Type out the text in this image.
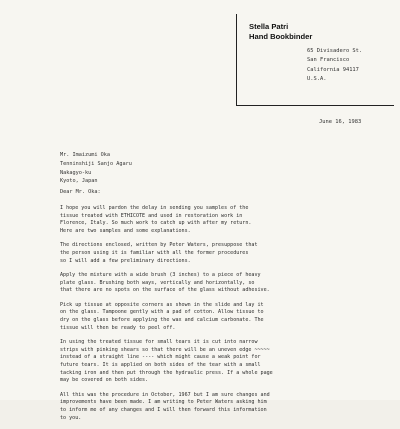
Stella Patri
Hand Bookbinder
65 Divisadero St.
San Francisco
California 94117
U.S.A.
June 16, 1983
Mr. Imaizumi Oka
Tenninshiji Sanjo Agaru
Nakagyo-ku
Kyoto, Japan
Dear Mr. Oka:
I hope you will pardon the delay in sending you samples of the
tissue treated with ETHICOTE and used in restoration work in
Florence, Italy. So much work to catch up with after my return.
Here are two samples and some explanations.
The directions enclosed, written by Peter Waters, presuppose that
the person using it is familiar with all the former procedures
so I will add a few preliminary directions.
Apply the mixture with a wide brush (3 inches) to a piece of heavy
plate glass. Brushing both ways, vertically and horizontally, so
that there are no spots on the surface of the glass without adhesive.
Pick up tissue at opposite corners as shown in the slide and lay it
on the glass. Tampoone gently with a pad of cotton. Allow tissue to
dry on the glass before applying the wax and calcium carbonate. The
tissue will then be ready to peel off.
In using the treated tissue for small tears it is cut into narrow
strips with pinking shears so that there will be an uneven edge ~~~~~
instead of a straight line ---- which might cause a weak point for
future tears. It is applied on both sides of the tear with a small
tacking iron and then put through the hydraulic press. If a whole page
may be covered on both sides.
All this was the procedure in October, 1967 but I am sure changes and
improvements have been made. I am writing to Peter Waters asking him
to inform me of any changes and I will then forward this information
to you.
